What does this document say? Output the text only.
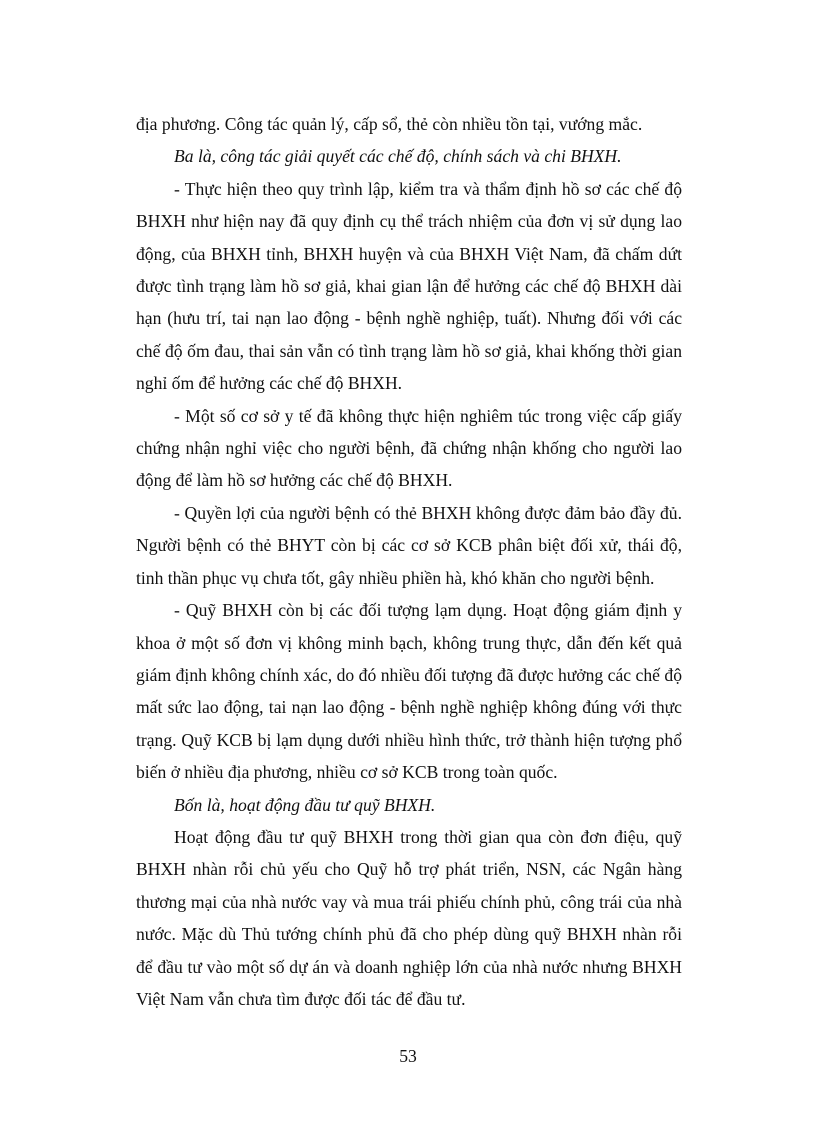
địa phương. Công tác quản lý, cấp sổ, thẻ còn nhiều tồn tại, vướng mắc.

Ba là, công tác giải quyết các chế độ, chính sách và chi BHXH.

- Thực hiện theo quy trình lập, kiểm tra và thẩm định hồ sơ các chế độ BHXH như hiện nay đã quy định cụ thể trách nhiệm của đơn vị sử dụng lao động, của BHXH tỉnh, BHXH huyện và của BHXH Việt Nam, đã chấm dứt được tình trạng làm hồ sơ giả, khai gian lận để hưởng các chế độ BHXH dài hạn (hưu trí, tai nạn lao động - bệnh nghề nghiệp, tuất). Nhưng đối với các chế độ ốm đau, thai sản vẫn có tình trạng làm hồ sơ giả, khai khống thời gian nghỉ ốm để hưởng các chế độ BHXH.

- Một số cơ sở y tế đã không thực hiện nghiêm túc trong việc cấp giấy chứng nhận nghỉ việc cho người bệnh, đã chứng nhận khống cho người lao động để làm hồ sơ hưởng các chế độ BHXH.

- Quyền lợi của người bệnh có thẻ BHXH không được đảm bảo đầy đủ. Người bệnh có thẻ BHYT còn bị các cơ sở KCB phân biệt đối xử, thái độ, tinh thần phục vụ chưa tốt, gây nhiều phiền hà, khó khăn cho người bệnh.

- Quỹ BHXH còn bị các đối tượng lạm dụng. Hoạt động giám định y khoa ở một số đơn vị không minh bạch, không trung thực, dẫn đến kết quả giám định không chính xác, do đó nhiều đối tượng đã được hưởng các chế độ mất sức lao động, tai nạn lao động - bệnh nghề nghiệp không đúng với thực trạng. Quỹ KCB bị lạm dụng dưới nhiều hình thức, trở thành hiện tượng phổ biến ở nhiều địa phương, nhiều cơ sở KCB trong toàn quốc.

Bốn là, hoạt động đầu tư quỹ BHXH.

Hoạt động đầu tư quỹ BHXH trong thời gian qua còn đơn điệu, quỹ BHXH nhàn rỗi chủ yếu cho Quỹ hỗ trợ phát triển, NSN, các Ngân hàng thương mại của nhà nước vay và mua trái phiếu chính phủ, công trái của nhà nước. Mặc dù Thủ tướng chính phủ đã cho phép dùng quỹ BHXH nhàn rỗi để đầu tư vào một số dự án và doanh nghiệp lớn của nhà nước nhưng BHXH Việt Nam vẫn chưa tìm được đối tác để đầu tư.

53
